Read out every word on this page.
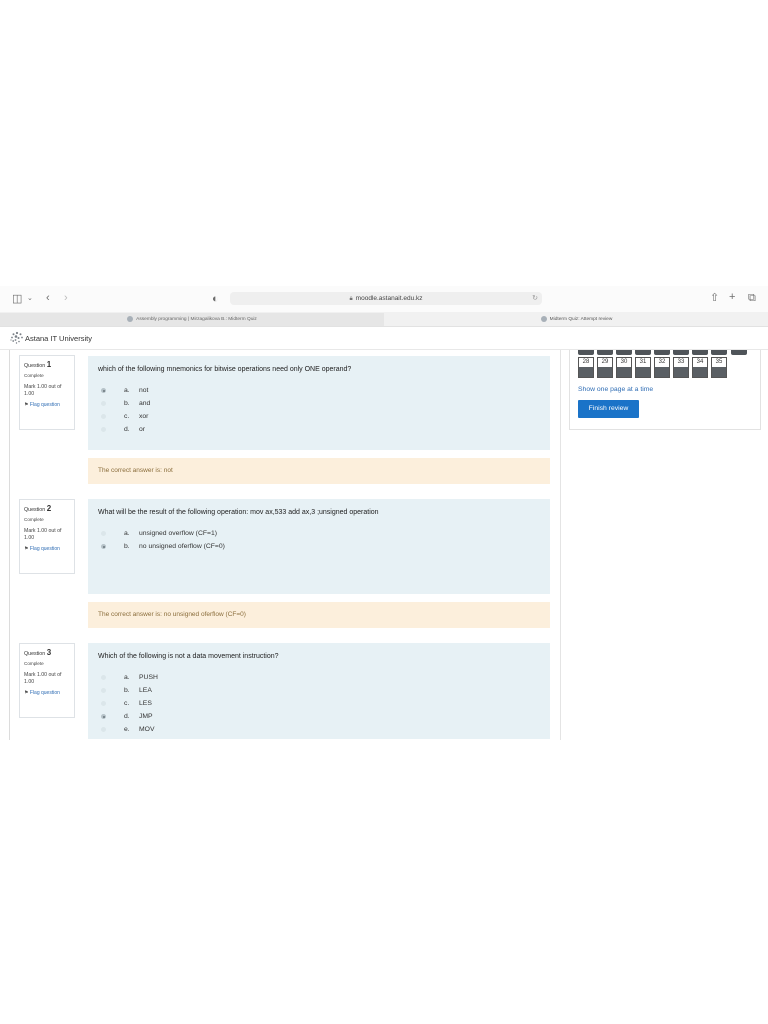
◫ ⌄ ‹ ›	◐	🔒︎ moodle.astanait.edu.kz	↻	⇧ + ⧉
Assembly programming | Mirzagalikova B.: Midterm Quiz	Midterm Quiz: Attempt review
Astana IT University
Question 1
Complete
Mark 1.00 out of 1.00
⚑︎ Flag question
which of the following mnemonics for bitwise operations need only ONE operand?
a. not
b. and
c. xor
d. or
The correct answer is: not
Question 2
Complete
Mark 1.00 out of 1.00
⚑︎ Flag question
What will be the result of the following operation: mov ax,533 add ax,3 ;unsigned operation
a. unsigned overflow (CF=1)
b. no unsigned oferflow (CF=0)
The correct answer is: no unsigned oferflow (CF=0)
Question 3
Complete
Mark 1.00 out of 1.00
⚑︎ Flag question
Which of the following is not a data movement instruction?
a. PUSH
b. LEA
c. LES
d. JMP
e. MOV
28	29	30	31	32	33	34	35
Show one page at a time
Finish review
